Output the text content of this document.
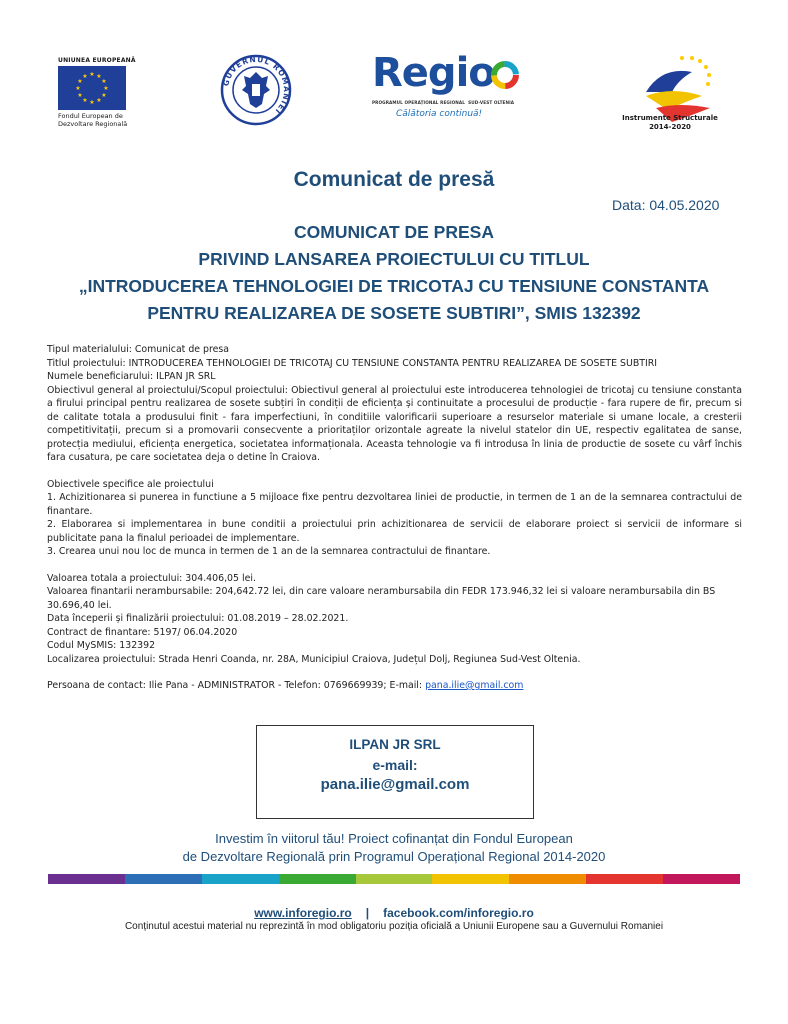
UNIUNEA EUROPEANĂ
★ ★
★
★
★
★
★
★
★
★
★
★
Fondul European de
Dezvoltare Regională
GUVERNUL ROMÂNIEI
Regio
PROGRAMUL OPERAȚIONAL REGIONAL SUD-VEST OLTENIA
Călătoria continuă!	Instrumente Structurale
2014-2020
Comunicat de presă
Data: 04.05.2020
COMUNICAT DE PRESA
PRIVIND LANSAREA PROIECTULUI CU TITLUL
„INTRODUCEREA TEHNOLOGIEI DE TRICOTAJ CU TENSIUNE CONSTANTA
PENTRU REALIZAREA DE SOSETE SUBTIRI”, SMIS 132392

Tipul materialului: Comunicat de presa

Titlul proiectului: INTRODUCEREA TEHNOLOGIEI DE TRICOTAJ CU TENSIUNE CONSTANTA PENTRU REALIZAREA DE SOSETE SUBTIRI

Numele beneficiarului: ILPAN JR SRL

Obiectivul general al proiectului/Scopul proiectului: Obiectivul general al proiectului este introducerea tehnologiei de tricotaj cu tensiune constanta a firului principal pentru realizarea de sosete subțiri în condiții de eficiența și continuitate a procesului de producție - fara rupere de fir, precum si de calitate totala a produsului finit - fara imperfectiuni, în conditiile valorificarii superioare a resurselor materiale si umane locale, a cresterii competitivitații, precum si a promovarii consecvente a prioritaților orizontale agreate la nivelul statelor din UE, respectiv egalitatea de sanse, protecția mediului, eficiența energetica, societatea informaționala. Aceasta tehnologie va fi introdusa în linia de productie de sosete cu vârf închis fara cusatura, pe care societatea deja o detine în Craiova.

Obiectivele specifice ale proiectului

1. Achizitionarea si punerea in functiune a 5 mijloace fixe pentru dezvoltarea liniei de productie, in termen de 1 an de la semnarea contractului de finantare.

2. Elaborarea si implementarea in bune conditii a proiectului prin achizitionarea de servicii de elaborare proiect si servicii de informare si publicitate pana la finalul perioadei de implementare.

3. Crearea unui nou loc de munca in termen de 1 an de la semnarea contractului de finantare.

Valoarea totala a proiectului: 304.406,05 lei.

Valoarea finantarii nerambursabile: 204,642.72 lei, din care valoare nerambursabila din FEDR 173.946,32 lei si valoare nerambursabila din BS 30.696,40 lei.

Data începerii și finalizării proiectului: 01.08.2019 – 28.02.2021.

Contract de finantare: 5197/ 06.04.2020

Codul MySMIS: 132392

Localizarea proiectului: Strada Henri Coanda, nr. 28A, Municipiul Craiova, Județul Dolj, Regiunea Sud-Vest Oltenia.

Persoana de contact: Ilie Pana - ADMINISTRATOR - Telefon: 0769669939; E-mail: pana.ilie@gmail.com

ILPAN JR SRL
e-mail:
pana.ilie@gmail.com
Investim în viitorul tău! Proiect cofinanțat din Fondul European
de Dezvoltare Regională prin Programul Operațional Regional 2014-2020
www.inforegio.ro | facebook.com/inforegio.ro
Conținutul acestui material nu reprezintă în mod obligatoriu poziția oficială a Uniunii Europene sau a Guvernului Romaniei
